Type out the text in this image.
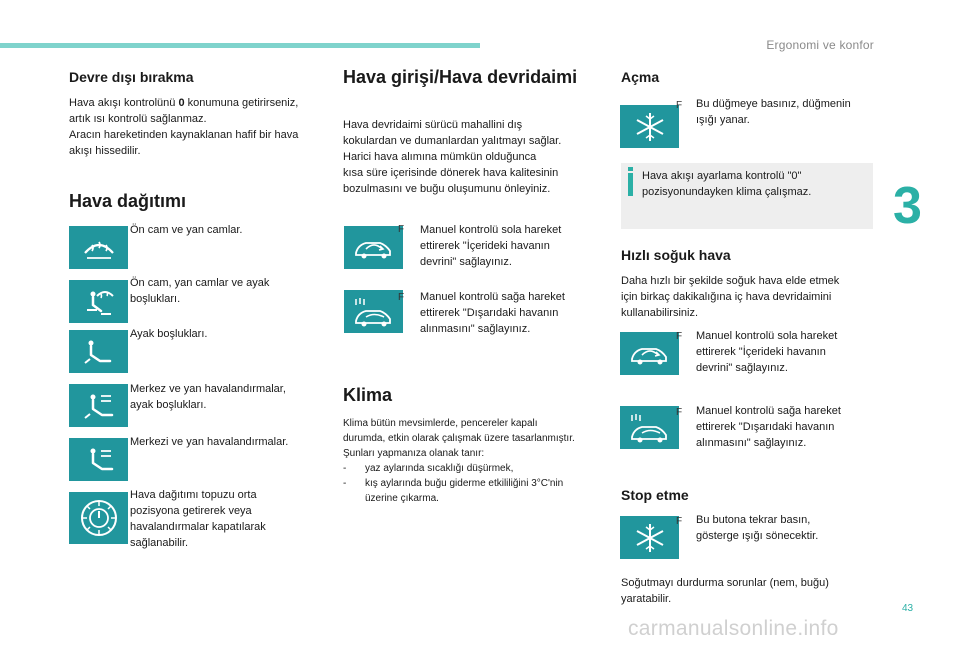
Ergonomi ve konfor
3
Devre dışı bırakma
Hava akışı kontrolünü 0 konumuna getirirseniz,
artık ısı kontrolü sağlanmaz.
Aracın hareketinden kaynaklanan hafif bir hava
akışı hissedilir.
Hava dağıtımı
Ön cam ve yan camlar.
Ön cam, yan camlar ve ayak
boşlukları.
Ayak boşlukları.
Merkez ve yan havalandırmalar,
ayak boşlukları.
Merkezi ve yan havalandırmalar.
Hava dağıtımı topuzu orta
pozisyona getirerek veya
havalandırmalar kapatılarak
sağlanabilir.
Hava girişi/Hava devridaimi
Hava devridaimi sürücü mahallini dış
kokulardan ve dumanlardan yalıtmayı sağlar.
Harici hava alımına mümkün olduğunca
kısa süre içerisinde dönerek hava kalitesinin
bozulmasını ve buğu oluşumunu önleyiniz.
F Manuel kontrolü sola hareket
ettirerek "İçerideki havanın
devrini" sağlayınız.
F Manuel kontrolü sağa hareket
ettirerek "Dışarıdaki havanın
alınmasını" sağlayınız.
Klima
Klima bütün mevsimlerde, pencereler kapalı
durumda, etkin olarak çalışmak üzere tasarlanmıştır.
Şunları yapmanıza olanak tanır:
- yaz aylarında sıcaklığı düşürmek,
- kış aylarında buğu giderme etkililiğini 3°C'nin
üzerine çıkarma.
Açma
F Bu düğmeye basınız, düğmenin
ışığı yanar.
Hava akışı ayarlama kontrolü "0"
pozisyonundayken klima çalışmaz.
Hızlı soğuk hava
Daha hızlı bir şekilde soğuk hava elde etmek
için birkaç dakikalığına iç hava devridaimini
kullanabilirsiniz.
F Manuel kontrolü sola hareket
ettirerek "İçerideki havanın
devrini" sağlayınız.
F Manuel kontrolü sağa hareket
ettirerek "Dışarıdaki havanın
alınmasını" sağlayınız.
Stop etme
F Bu butona tekrar basın,
gösterge ışığı sönecektir.
Soğutmayı durdurma sorunlar (nem, buğu)
yaratabilir.
carmanualsonline.info
43
